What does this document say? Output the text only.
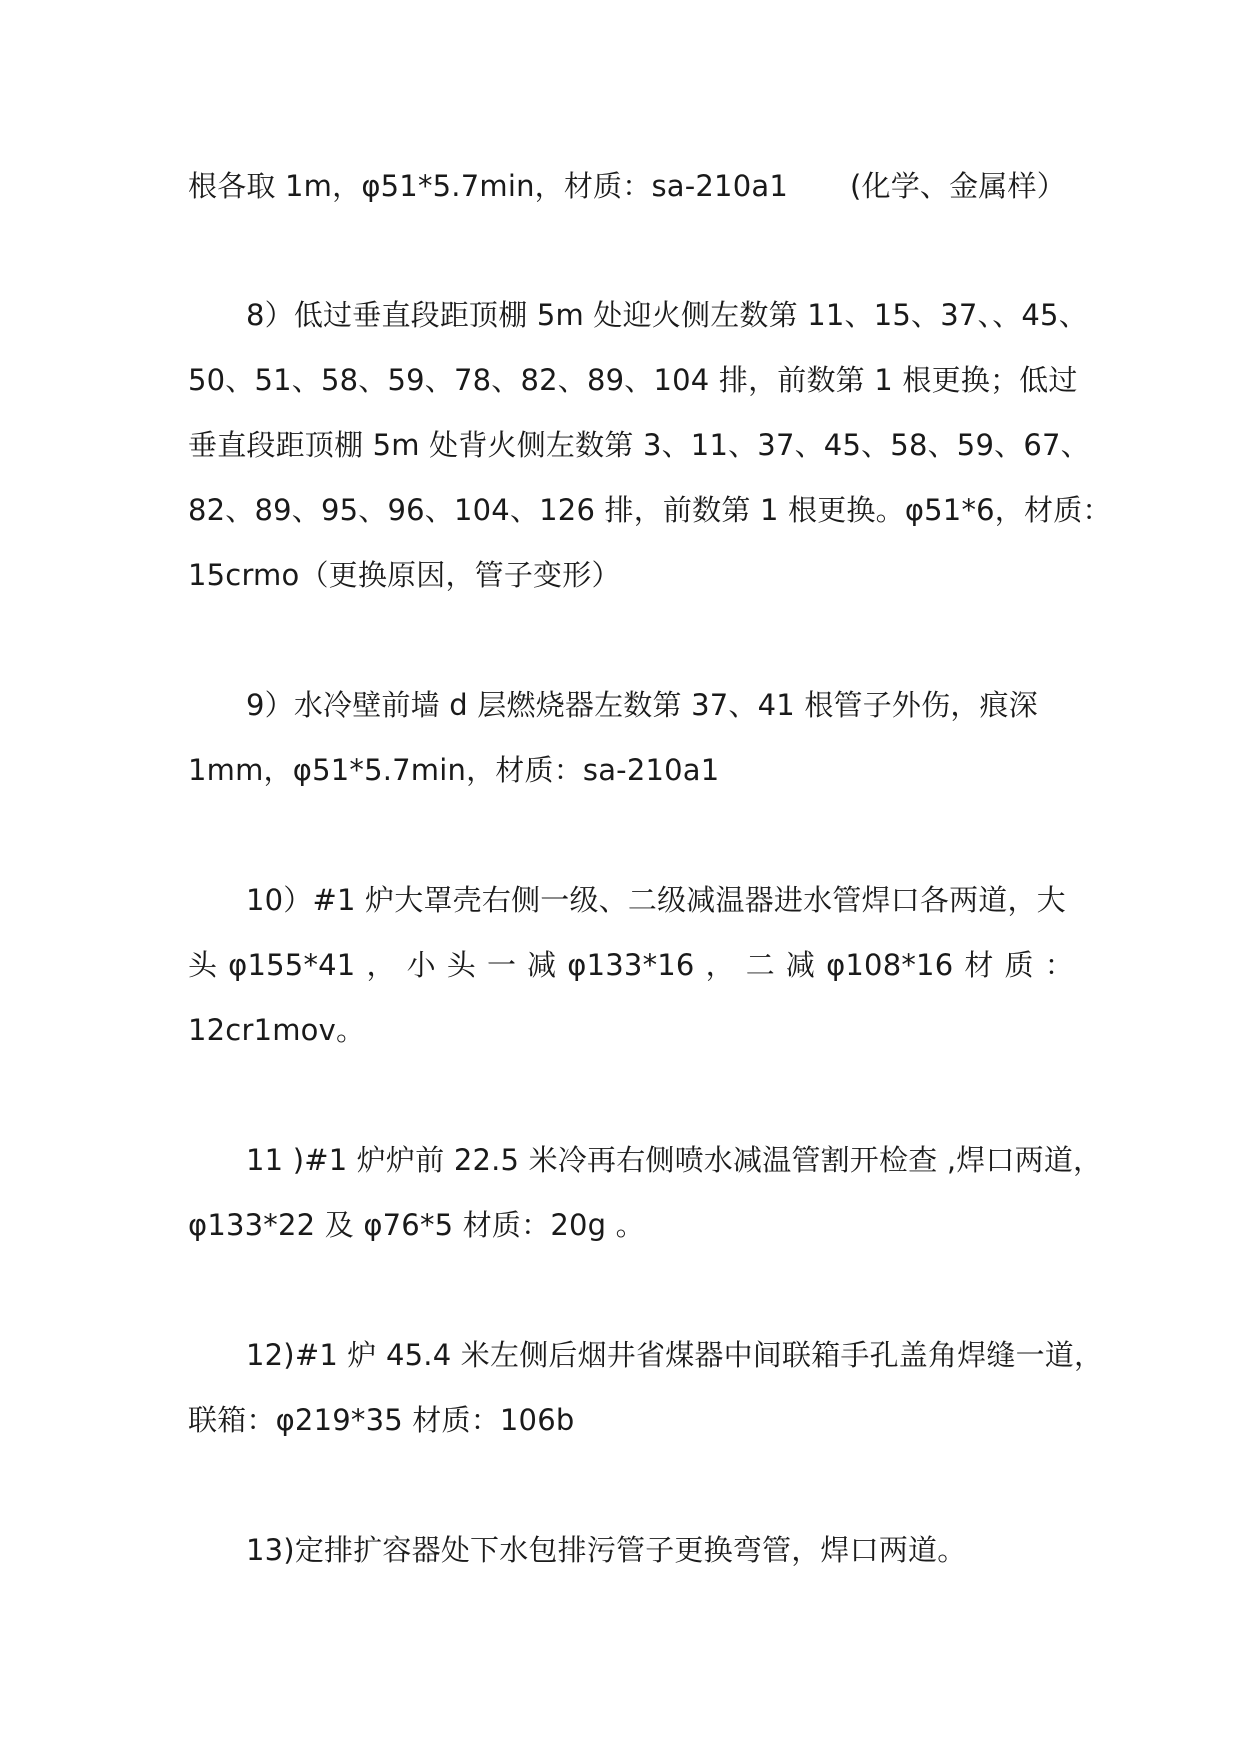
根各取 1m，φ51*5.7min，材质：sa-210a1 (化学、金属样）
8）低过垂直段距顶棚 5m 处迎火侧左数第 11、15、37、、45、
50、51、58、59、78、82、89、104 排，前数第 1 根更换；低过
垂直段距顶棚 5m 处背火侧左数第 3、11、37、45、58、59、67、
82、89、95、96、104、126 排，前数第 1 根更换。φ51*6，材质：
15crmo（更换原因，管子变形）
9）水冷壁前墙 d 层燃烧器左数第 37、41 根管子外伤，痕深
1mm，φ51*5.7min，材质：sa-210a1
10）#1 炉大罩壳右侧一级、二级减温器进水管焊口各两道，大
头 φ155*41 ， 小 头 一 减 φ133*16 ， 二 减 φ108*16 材 质 ：
12cr1mov。
11 )#1 炉炉前 22.5 米冷再右侧喷水减温管割开检查 ,焊口两道，
φ133*22 及 φ76*5 材质：20g 。
12)#1 炉 45.4 米左侧后烟井省煤器中间联箱手孔盖角焊缝一道，
联箱：φ219*35 材质：106b
13)定排扩容器处下水包排污管子更换弯管，焊口两道。
